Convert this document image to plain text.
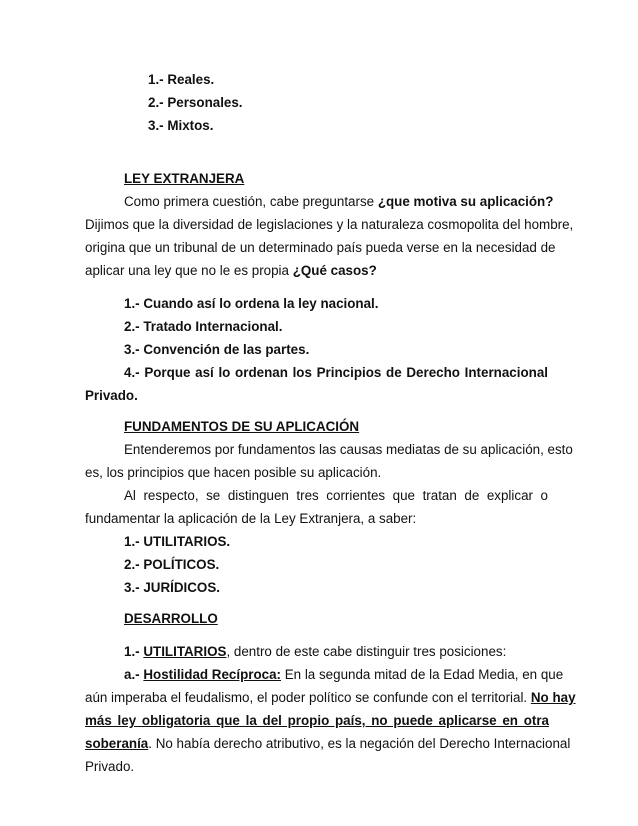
1.- Reales.
2.- Personales.
3.- Mixtos.
LEY EXTRANJERA
Como primera cuestión, cabe preguntarse ¿que motiva su aplicación?
Dijimos que la diversidad de legislaciones y la naturaleza cosmopolita del hombre,
origina que un tribunal de un determinado país pueda verse en la necesidad de
aplicar una ley que no le es propia ¿Qué casos?
1.- Cuando así lo ordena la ley nacional.
2.- Tratado Internacional.
3.- Convención de las partes.
4.- Porque así lo ordenan los Principios de Derecho Internacional
Privado.
FUNDAMENTOS DE SU APLICACIÓN
Entenderemos por fundamentos las causas mediatas de su aplicación, esto
es, los principios que hacen posible su aplicación.
Al respecto, se distinguen tres corrientes que tratan de explicar o
fundamentar la aplicación de la Ley Extranjera, a saber:
1.- UTILITARIOS.
2.- POLÍTICOS.
3.- JURÍDICOS.
DESARROLLO
1.- UTILITARIOS, dentro de este cabe distinguir tres posiciones:
a.- Hostilidad Recíproca: En la segunda mitad de la Edad Media, en que
aún imperaba el feudalismo, el poder político se confunde con el territorial. No hay
más ley obligatoria que la del propio país, no puede aplicarse en otra
soberanía. No había derecho atributivo, es la negación del Derecho Internacional
Privado.
